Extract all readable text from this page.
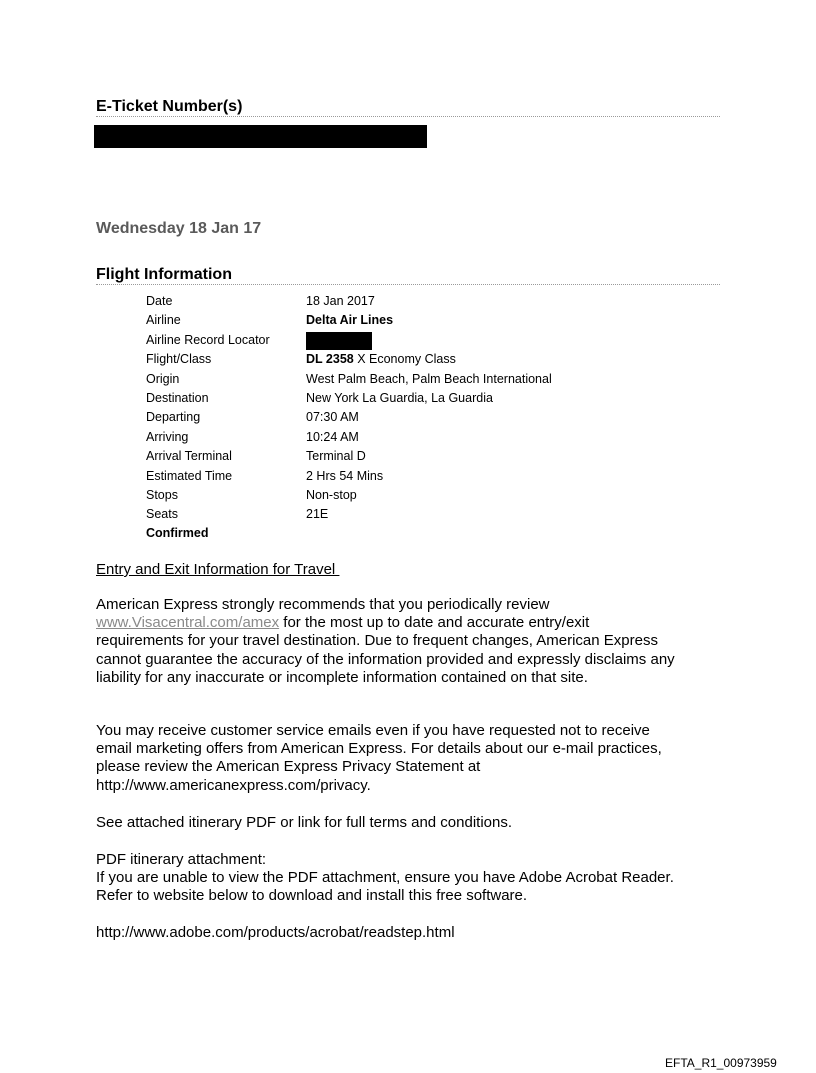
E-Ticket Number(s)
Wednesday 18 Jan 17
Flight Information
Date	18 Jan 2017
Airline	Delta Air Lines
Airline Record Locator	
Flight/Class	DL 2358 X Economy Class
Origin	West Palm Beach, Palm Beach International
Destination	New York La Guardia, La Guardia
Departing	07:30 AM
Arriving	10:24 AM
Arrival Terminal	Terminal D
Estimated Time	2 Hrs 54 Mins
Stops	Non-stop
Seats	21E
Confirmed
Entry and Exit Information for Travel

American Express strongly recommends that you periodically review

www.Visacentral.com/amex for the most up to date and accurate entry/exit

requirements for your travel destination. Due to frequent changes, American Express

cannot guarantee the accuracy of the information provided and expressly disclaims any

liability for any inaccurate or incomplete information contained on that site.

You may receive customer service emails even if you have requested not to receive

email marketing offers from American Express. For details about our e-mail practices,

please review the American Express Privacy Statement at

http://www.americanexpress.com/privacy.

See attached itinerary PDF or link for full terms and conditions.

PDF itinerary attachment:

If you are unable to view the PDF attachment, ensure you have Adobe Acrobat Reader.

Refer to website below to download and install this free software.

http://www.adobe.com/products/acrobat/readstep.html

EFTA_R1_00973959
